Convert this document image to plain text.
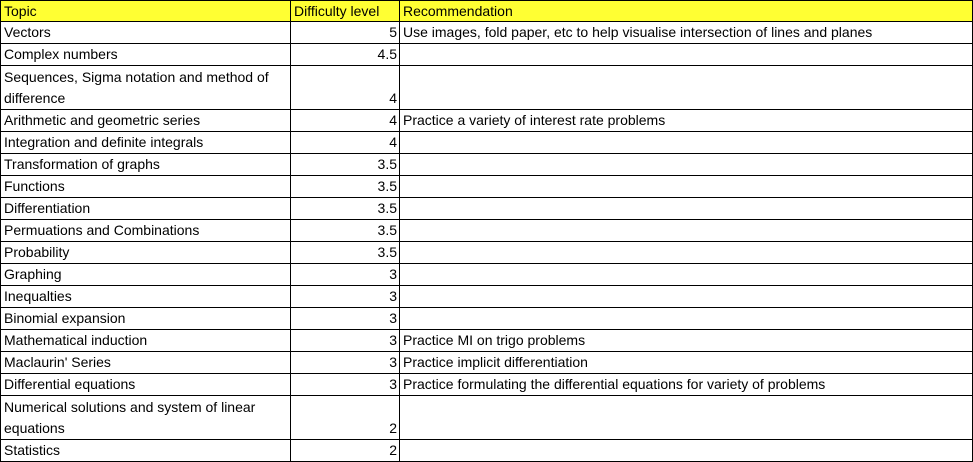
Topic	Difficulty level	Recommendation
Vectors	5	Use images, fold paper, etc to help visualise intersection of lines and planes
Complex numbers	4.5	
Sequences, Sigma notation and method of difference	4	
Arithmetic and geometric series	4	Practice a variety of interest rate problems
Integration and definite integrals	4	
Transformation of graphs	3.5	
Functions	3.5	
Differentiation	3.5	
Permuations and Combinations	3.5	
Probability	3.5	
Graphing	3	
Inequalties	3	
Binomial expansion	3	
Mathematical induction	3	Practice MI on trigo problems
Maclaurin' Series	3	Practice implicit differentiation
Differential equations	3	Practice formulating the differential equations for variety of problems
Numerical solutions and system of linear equations	2	
Statistics	2	
